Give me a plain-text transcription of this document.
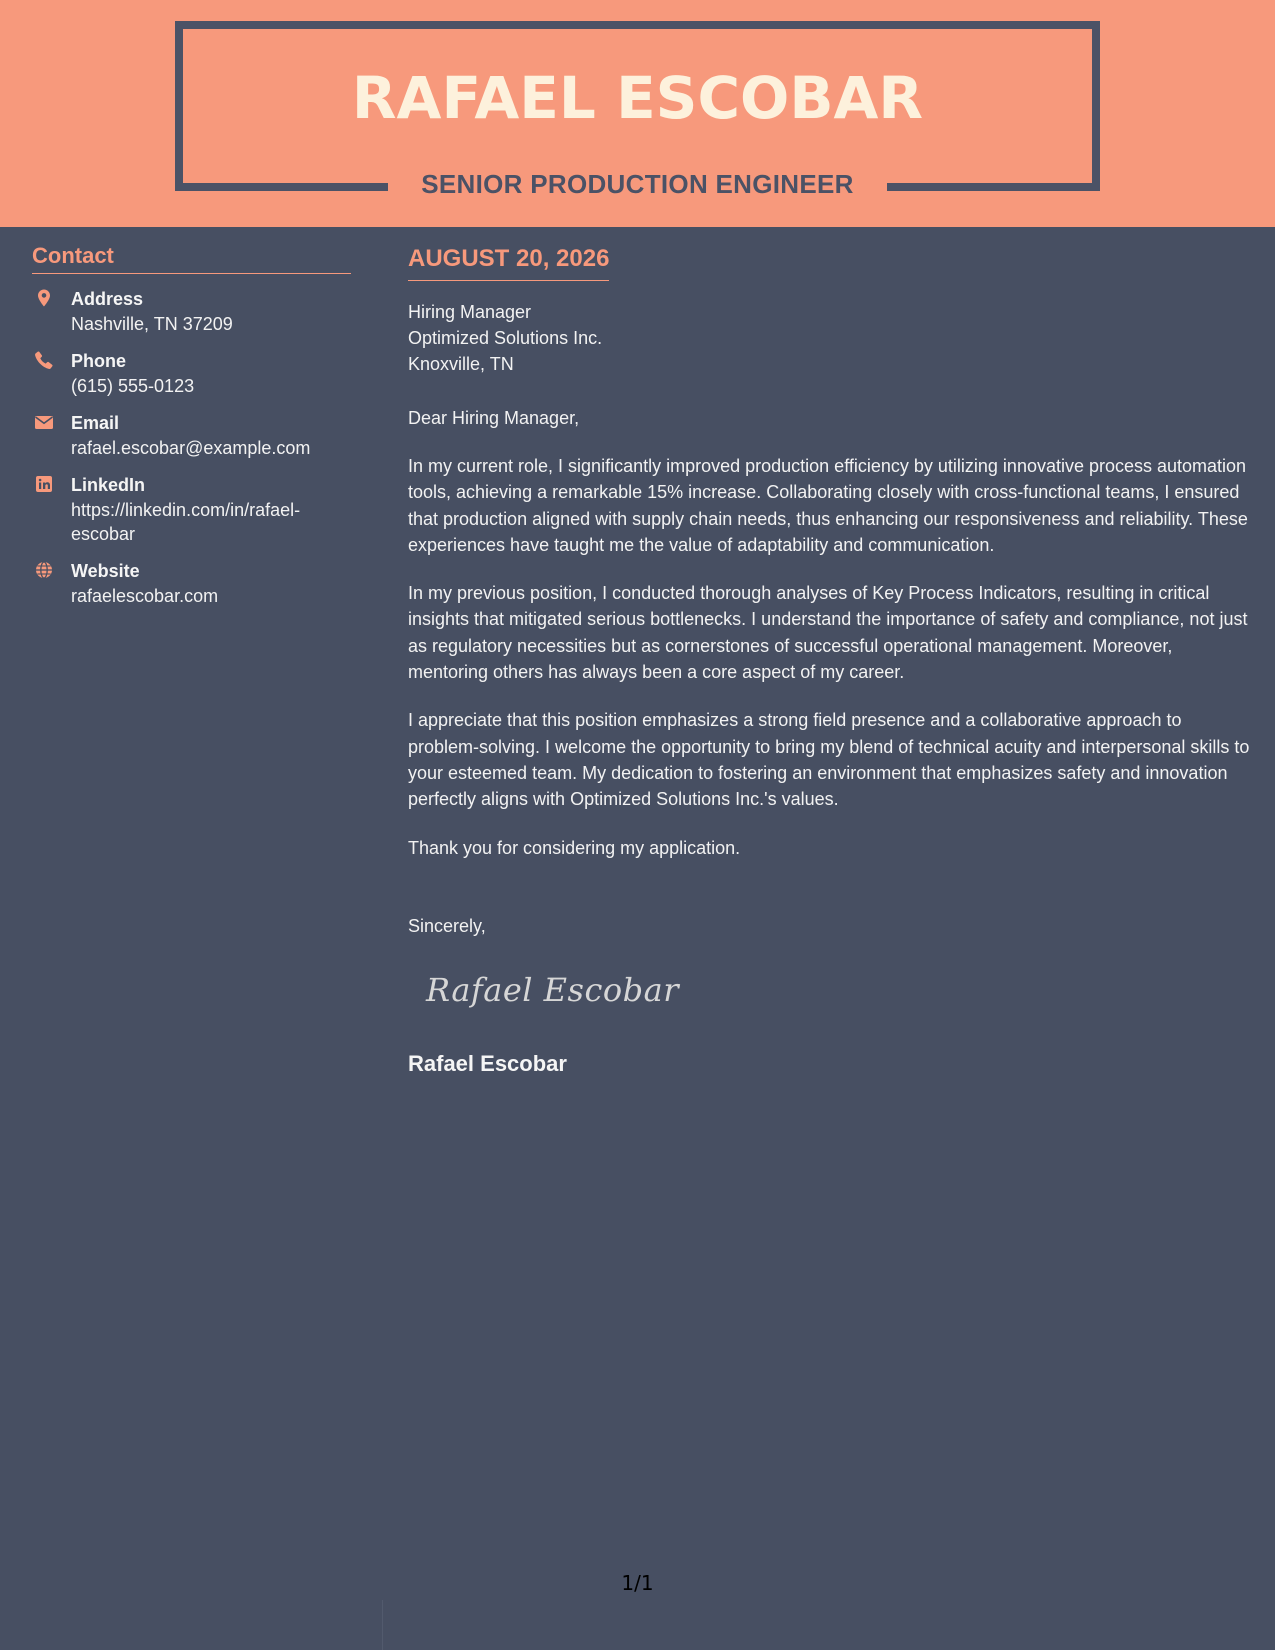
RAFAEL ESCOBAR
SENIOR PRODUCTION ENGINEER
Contact
Address
Nashville, TN 37209
Phone
(615) 555-0123
Email
rafael.escobar@example.com
LinkedIn
https://linkedin.com/in/rafael-escobar
Website
rafaelescobar.com
AUGUST 20, 2026
Hiring Manager
Optimized Solutions Inc.
Knoxville, TN

Dear Hiring Manager,

In my current role, I significantly improved production efficiency by utilizing innovative process automation tools, achieving a remarkable 15% increase. Collaborating closely with cross-functional teams, I ensured that production aligned with supply chain needs, thus enhancing our responsiveness and reliability. These experiences have taught me the value of adaptability and communication.

In my previous position, I conducted thorough analyses of Key Process Indicators, resulting in critical insights that mitigated serious bottlenecks. I understand the importance of safety and compliance, not just as regulatory necessities but as cornerstones of successful operational management. Moreover, mentoring others has always been a core aspect of my career.

I appreciate that this position emphasizes a strong field presence and a collaborative approach to problem-solving. I welcome the opportunity to bring my blend of technical acuity and interpersonal skills to your esteemed team. My dedication to fostering an environment that emphasizes safety and innovation perfectly aligns with Optimized Solutions Inc.'s values.

Thank you for considering my application.

Sincerely,

Rafael Escobar
Rafael Escobar
1/1
